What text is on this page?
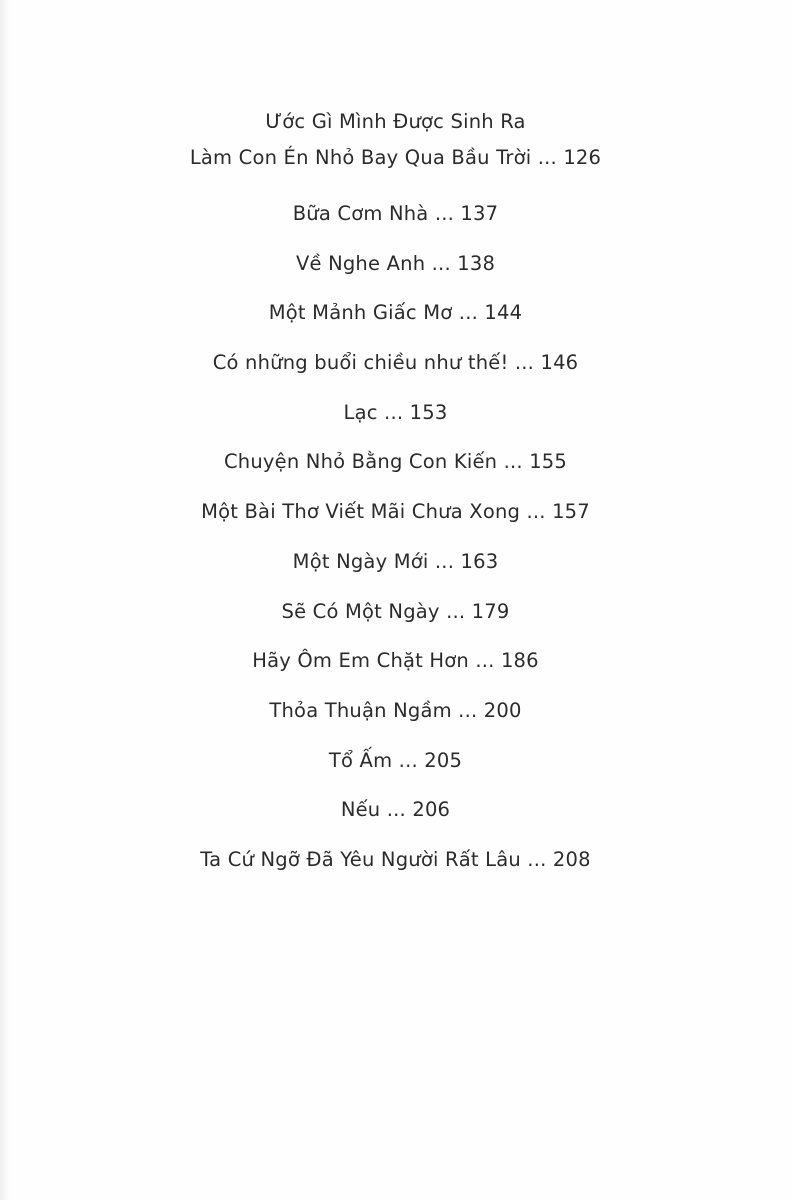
Ước Gì Mình Được Sinh Ra
Làm Con Én Nhỏ Bay Qua Bầu Trời ... 126
Bữa Cơm Nhà ... 137
Về Nghe Anh ... 138
Một Mảnh Giấc Mơ ... 144
Có những buổi chiều như thế! ... 146
Lạc ... 153
Chuyện Nhỏ Bằng Con Kiến ... 155
Một Bài Thơ Viết Mãi Chưa Xong ... 157
Một Ngày Mới ... 163
Sẽ Có Một Ngày ... 179
Hãy Ôm Em Chặt Hơn ... 186
Thỏa Thuận Ngầm ... 200
Tổ Ấm ... 205
Nếu ... 206
Ta Cứ Ngỡ Đã Yêu Người Rất Lâu ... 208
